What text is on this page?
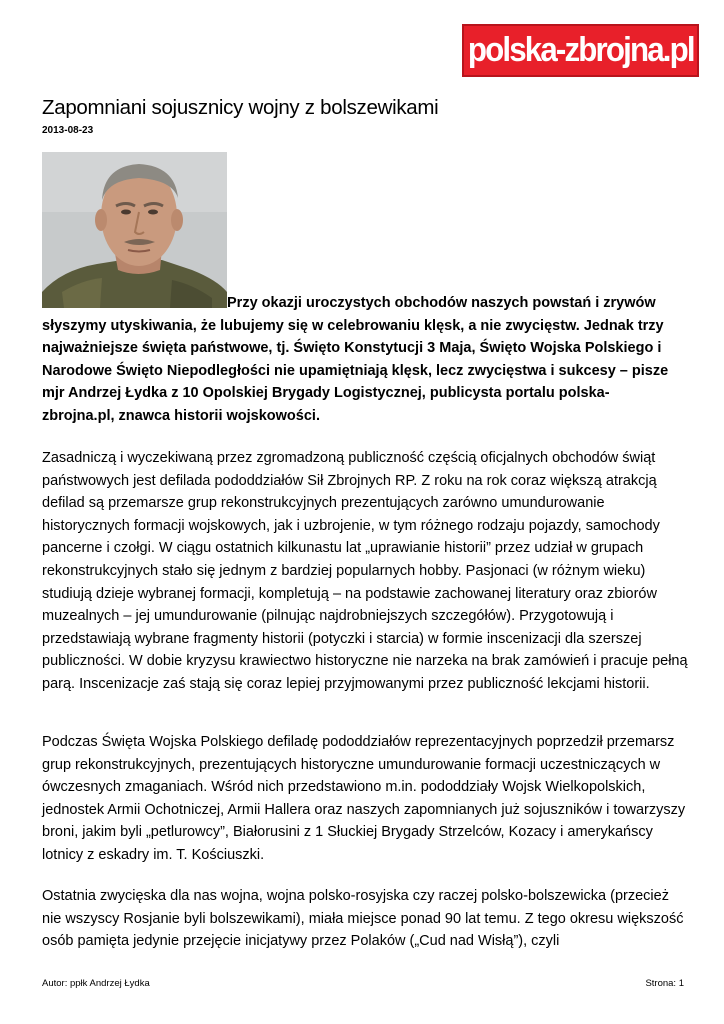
polska-zbrojna.pl
Zapomniani sojusznicy wojny z bolszewikami
2013-08-23
Przy okazji uroczystych obchodów naszych powstań i zrywów słyszymy utyskiwania, że lubujemy się w celebrowaniu klęsk, a nie zwycięstw. Jednak trzy najważniejsze święta państwowe, tj. Święto Konstytucji 3 Maja, Święto Wojska Polskiego i Narodowe Święto Niepodległości nie upamiętniają klęsk, lecz zwycięstwa i sukcesy – pisze mjr Andrzej Łydka z 10 Opolskiej Brygady Logistycznej, publicysta portalu polska-zbrojna.pl, znawca historii wojskowości.

Zasadniczą i wyczekiwaną przez zgromadzoną publiczność częścią oficjalnych obchodów świąt państwowych jest defilada pododdziałów Sił Zbrojnych RP. Z roku na rok coraz większą atrakcją defilad są przemarsze grup rekonstrukcyjnych prezentujących zarówno umundurowanie historycznych formacji wojskowych, jak i uzbrojenie, w tym różnego rodzaju pojazdy, samochody pancerne i czołgi. W ciągu ostatnich kilkunastu lat „uprawianie historii” przez udział w grupach rekonstrukcyjnych stało się jednym z bardziej popularnych hobby. Pasjonaci (w różnym wieku) studiują dzieje wybranej formacji, kompletują – na podstawie zachowanej literatury oraz zbiorów muzealnych – jej umundurowanie (pilnując najdrobniejszych szczegółów). Przygotowują i przedstawiają wybrane fragmenty historii (potyczki i starcia) w formie inscenizacji dla szerszej publiczności. W dobie kryzysu krawiectwo historyczne nie narzeka na brak zamówień i pracuje pełną parą. Inscenizacje zaś stają się coraz lepiej przyjmowanymi przez publiczność lekcjami historii.

Podczas Święta Wojska Polskiego defiladę pododdziałów reprezentacyjnych poprzedził przemarsz grup rekonstrukcyjnych, prezentujących historyczne umundurowanie formacji uczestniczących w ówczesnych zmaganiach. Wśród nich przedstawiono m.in. pododdziały Wojsk Wielkopolskich, jednostek Armii Ochotniczej, Armii Hallera oraz naszych zapomnianych już sojuszników i towarzyszy broni, jakim byli „petlurowcy”, Białorusini z 1 Słuckiej Brygady Strzelców, Kozacy i amerykańscy lotnicy z eskadry im. T. Kościuszki.

Ostatnia zwycięska dla nas wojna, wojna polsko-rosyjska czy raczej polsko-bolszewicka (przecież nie wszyscy Rosjanie byli bolszewikami), miała miejsce ponad 90 lat temu. Z tego okresu większość osób pamięta jedynie przejęcie inicjatywy przez Polaków („Cud nad Wisłą”), czyli

Autor: ppłk Andrzej Łydka	Strona: 1
